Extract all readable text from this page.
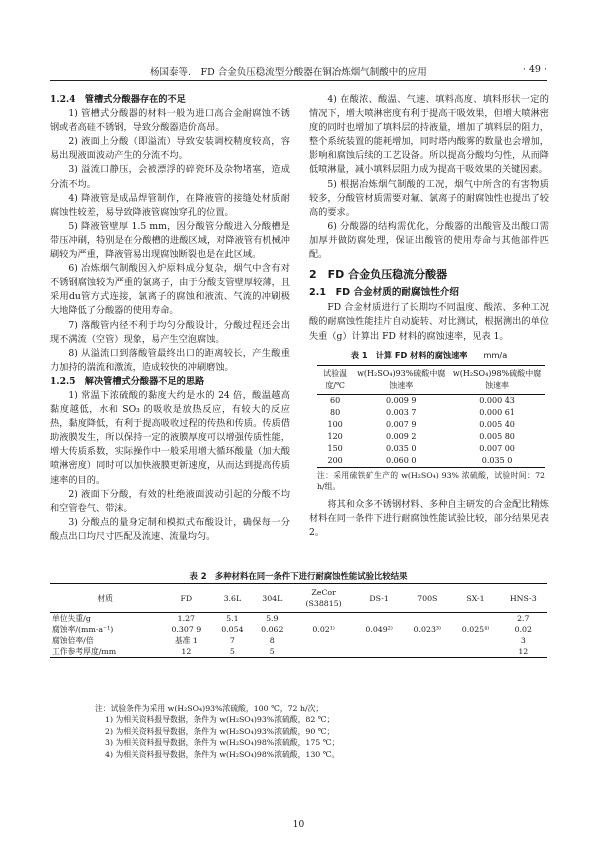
杨国泰等.　FD 合金负压稳流型分酸器在铜冶炼烟气制酸中的应用	· 49 ·
1.2.4　管槽式分酸器存在的不足

1) 管槽式分酸器的材料一般为进口高合金耐腐蚀不锈钢或者高硅不锈钢，导致分酸器造价高昂。

2) 液面上分酸（即溢流）导致安装调校精度较高，容易出现液面波动产生的分流不均。

3) 溢流口静压，会被漂浮的碎瓷环及杂物堵塞，造成分流不均。

4) 降液管是成品焊管制作，在降液管的接缝处材质耐腐蚀性较差，易导致降液管腐蚀穿孔的位置。

5) 降液管壁厚 1.5 mm，因分酸管分酸进入分酸槽是带压冲刷，特别是在分酸槽的进酸区域，对降液管有机械冲刷较为严重，降液管易出现腐蚀断裂也是在此区域。

6) 冶炼烟气制酸因入炉原料成分复杂，烟气中含有对不锈钢腐蚀较为严重的氯离子，由于分酸支管壁厚较薄，且采用du管方式连接，氯离子的腐蚀和液流、气流的冲刷极大地降低了分酸器的使用寿命。

7) 落酸管内径不利于均匀分酸设计，分酸过程还会出现不满流（空管）现象，易产生空泡腐蚀。

8) 从溢流口到落酸管最终出口的距离较长，产生酸重力加持的湍流和激流，造成较快的冲刷磨蚀。

1.2.5　解决管槽式分酸器不足的思路

1) 常温下浓硫酸的黏度大约是水的 24 倍，酸温越高黏度越低，水和 SO₃ 的吸收是放热反应，有较大的反应热，黏度降低，有利于提高吸收过程的传热和传质。传质借助液膜发生，所以保持一定的液膜厚度可以增强传质性能，增大传质系数，实际操作中一般采用增大循环酸量（加大酸喷淋密度）同时可以加快液膜更新速度，从而达到提高传质速率的目的。

2) 液面下分酸，有效的杜绝液面波动引起的分酸不均和空管卷气、带沫。

3) 分酸点的量身定制和模拟式布酸设计，确保每一分酸点出口均尺寸匹配及流速、流量均匀。

4) 在酸浓、酸温、气速、填料高度、填料形状一定的情况下，增大喷淋密度有利于提高干吸效果，但增大喷淋密度的同时也增加了填料层的持液量，增加了填料层的阻力，整个系统装置的能耗增加，同时塔内酸雾的数量也会增加，影响和腐蚀后续的工艺设备。所以提高分酸均匀性，从而降低喷淋量，减小填料层阻力成为提高干吸效果的关键因素。

5) 根据冶炼烟气制酸的工况，烟气中所含的有害物质较多，分酸管材质需要对氟、氯离子的耐腐蚀性也提出了较高的要求。

6) 分酸器的结构需优化，分酸器的出酸管及出酸口需加厚并做防腐处理，保证出酸管的使用寿命与其他部件匹配。

2　FD 合金负压稳流分酸器
2.1　FD 合金材质的耐腐蚀性介绍

FD 合金材质进行了长期均不同温度、酸浓、多种工况酸的耐腐蚀性能挂片自动旋转、对比测试，根据测出的单位失重（g）计算出 FD 材料的腐蚀速率，见表 1。

表 1　计算 FD 材料的腐蚀速率 mm/a
试验温度/℃	w(H₂SO₄)93%硫酸中腐蚀速率	w(H₂SO₄)98%硫酸中腐蚀速率
60	0.009 9	0.000 43
80	0.003 7	0.000 61
100	0.007 9	0.005 40
120	0.009 2	0.005 80
150	0.035 0	0.007 00
200	0.060 0	0.035 0
注：采用硫铁矿生产的 w(H₂SO₄) 93% 浓硫酸，试验时间：72 h/组。

将其和众多不锈钢材料、多种自主研发的合金配比精炼材料在同一条件下进行耐腐蚀性能试验比较，部分结果见表 2。

表 2　多种材料在同一条件下进行耐腐蚀性能试验比较结果
材质	FD	3.6L	304L	ZeCor
(S38815)	DS-1	700S	SX-1	HNS-3
单位失重/g	1.27	5.1	5.9					2.7
腐蚀率/(mm·a⁻¹)	0.307 9	0.054	0.062	0.02¹⁾	0.049²⁾	0.023³⁾	0.025⁴⁾	0.02
腐蚀倍率/倍	基准 1	7	8					3
工作参考厚度/mm	12	5	5					12
注：试验条件为采用 w(H₂SO₄)93%浓硫酸，100 ℃，72 h/次；
1) 为相关资料报导数据，条件为 w(H₂SO₄)93%浓硫酸，82 ℃；
2) 为相关资料报导数据，条件为 w(H₂SO₄)93%浓硫酸，90 ℃；
3) 为相关资料报导数据，条件为 w(H₂SO₄)98%浓硫酸，175 ℃；
4) 为相关资料报导数据，条件为 w(H₂SO₄)98%浓硫酸，130 ℃。
10
